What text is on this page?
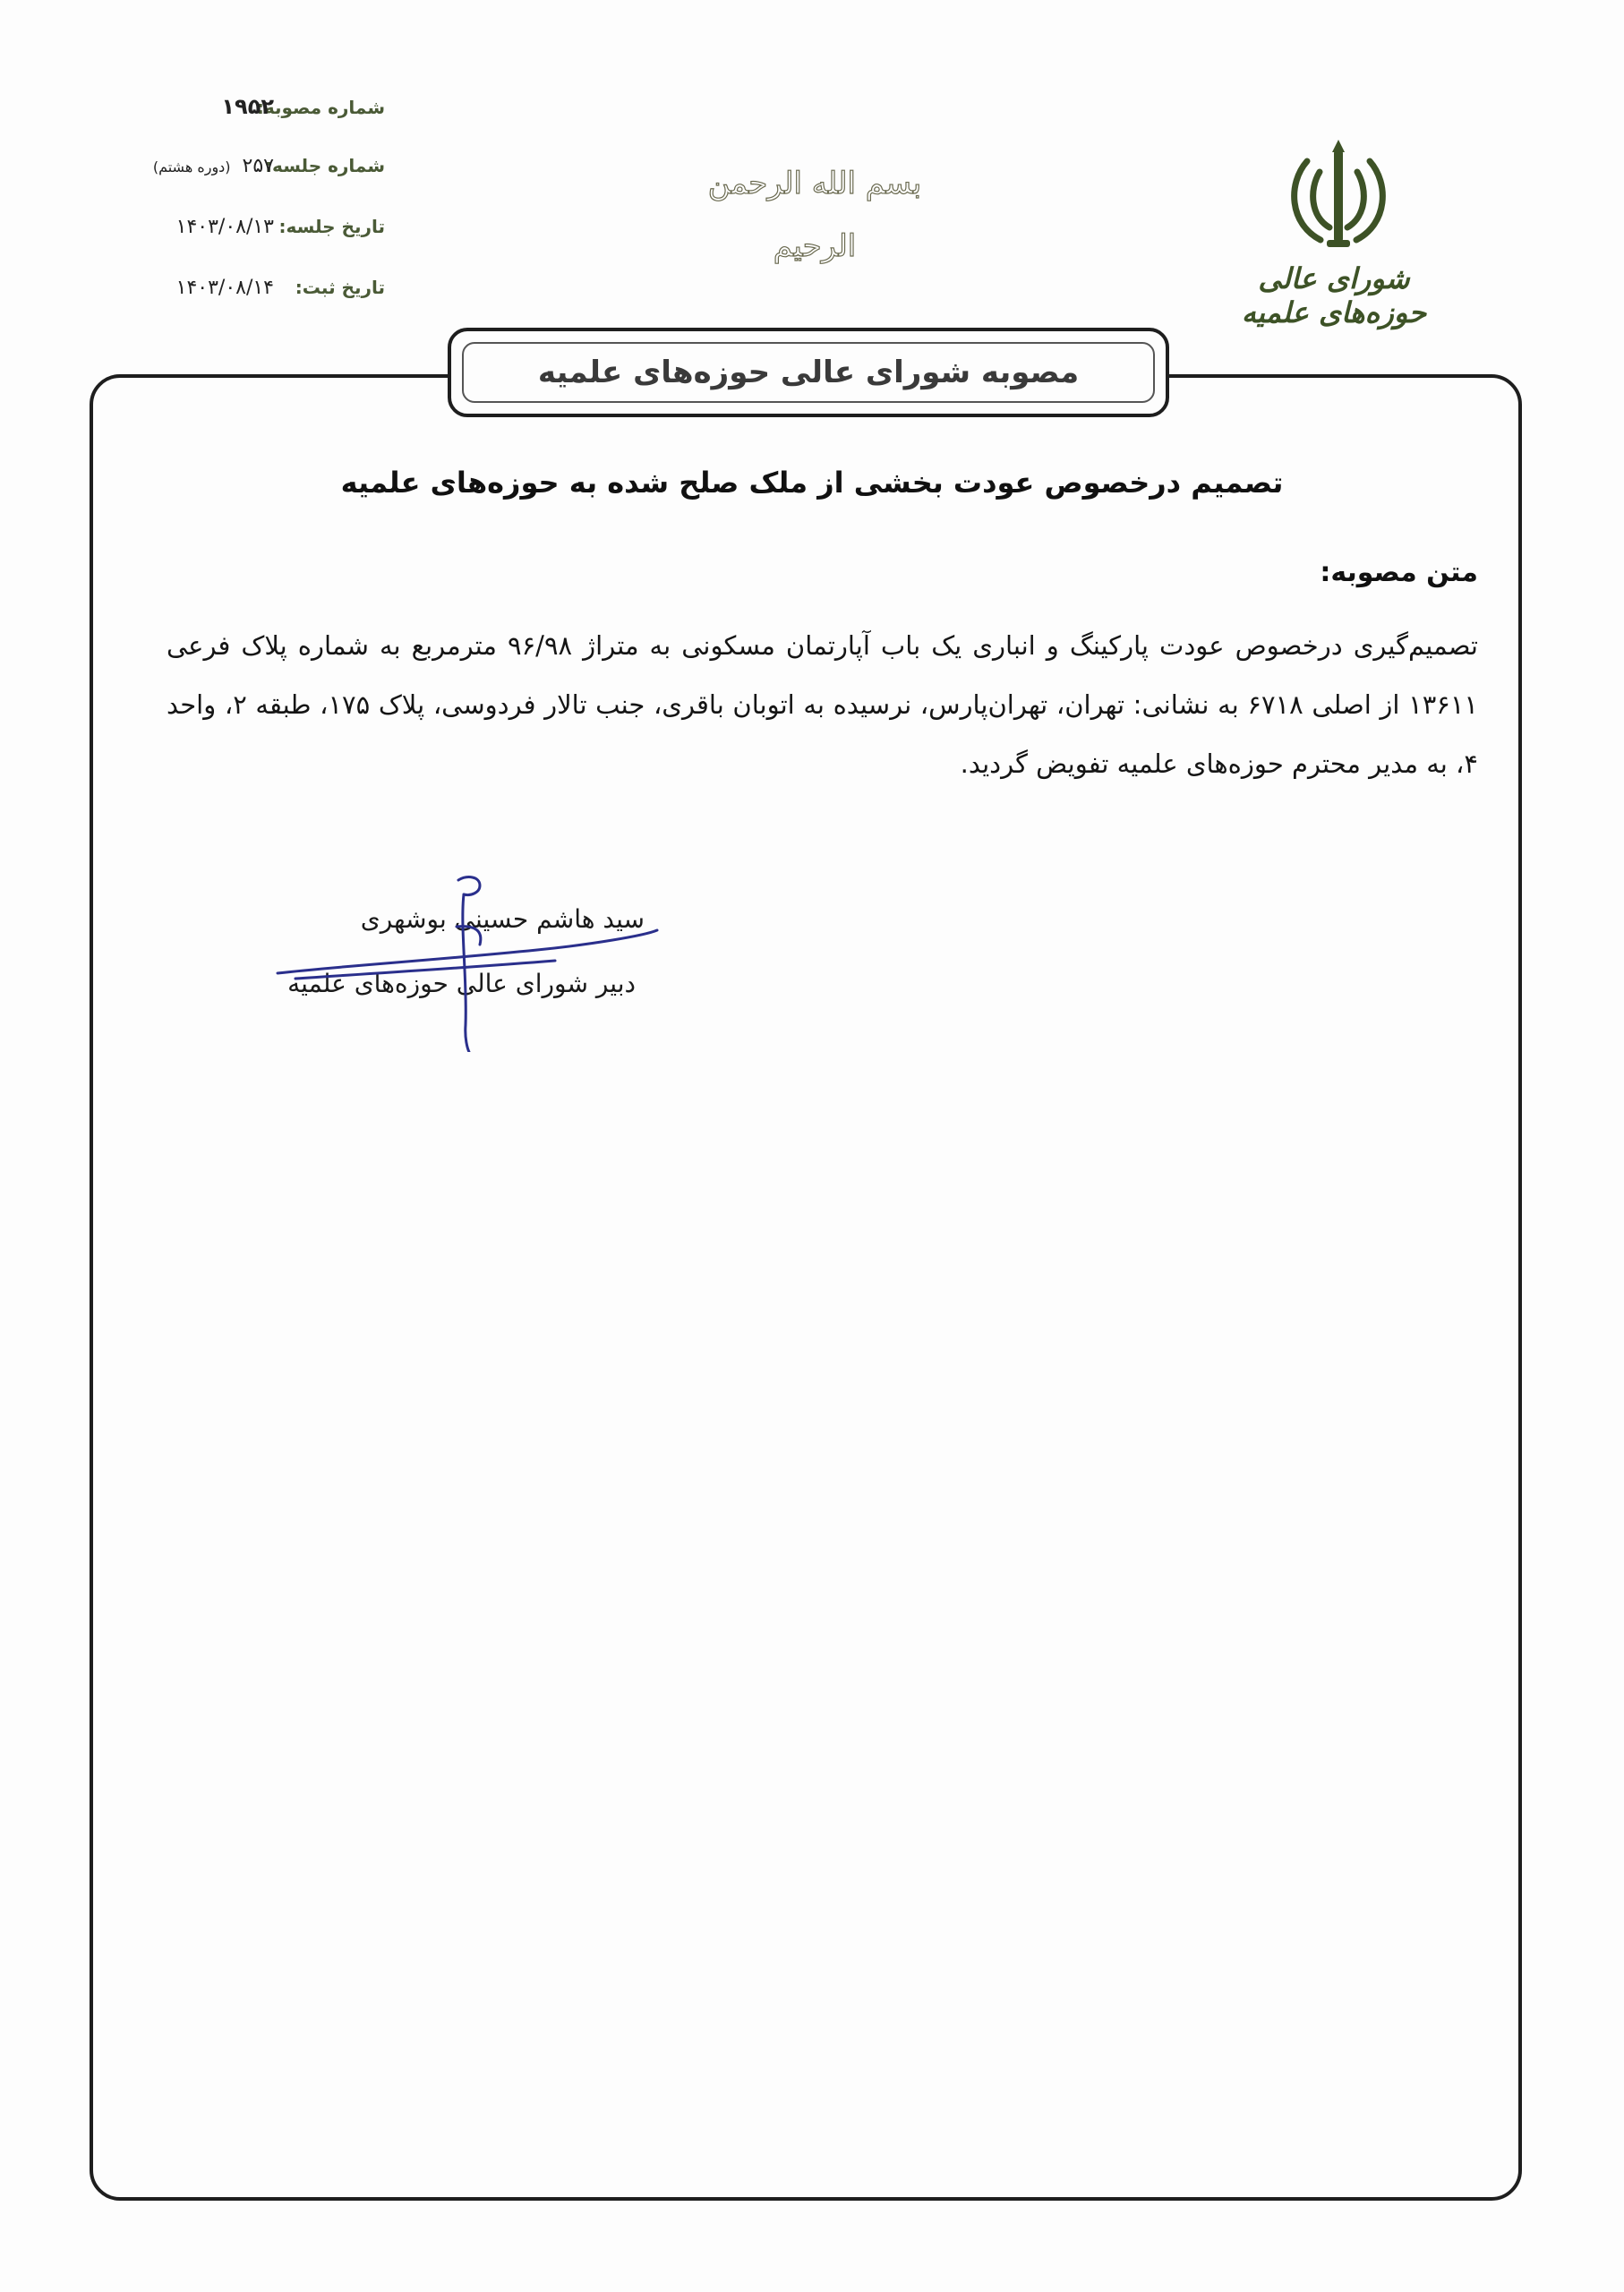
شماره مصوبه:
۱۹۵۲
شماره جلسه:
۲۵۷ (دوره هشتم)
تاریخ جلسه:
۱۴۰۳/۰۸/۱۳
تاریخ ثبت:
۱۴۰۳/۰۸/۱۴
بسم الله الرحمن الرحیم
شورای عالی حوزه‌های علمیه
مصوبه شورای عالی حوزه‌های علمیه
تصمیم درخصوص عودت بخشی از ملک صلح شده به حوزه‌های علمیه
متن مصوبه:
تصمیم‌گیری درخصوص عودت پارکینگ و انباری یک باب آپارتمان مسکونی به متراژ ۹۶/۹۸ مترمربع به شماره پلاک فرعی ۱۳۶۱۱ از اصلی ۶۷۱۸ به نشانی: تهران، تهران‌پارس، نرسیده به اتوبان باقری، جنب تالار فردوسی، پلاک ۱۷۵، طبقه ۲، واحد ۴، به مدیر محترم حوزه‌های علمیه تفویض گردید.
سید هاشم حسینی بوشهری
دبیر شورای عالی حوزه‌های علمیه
